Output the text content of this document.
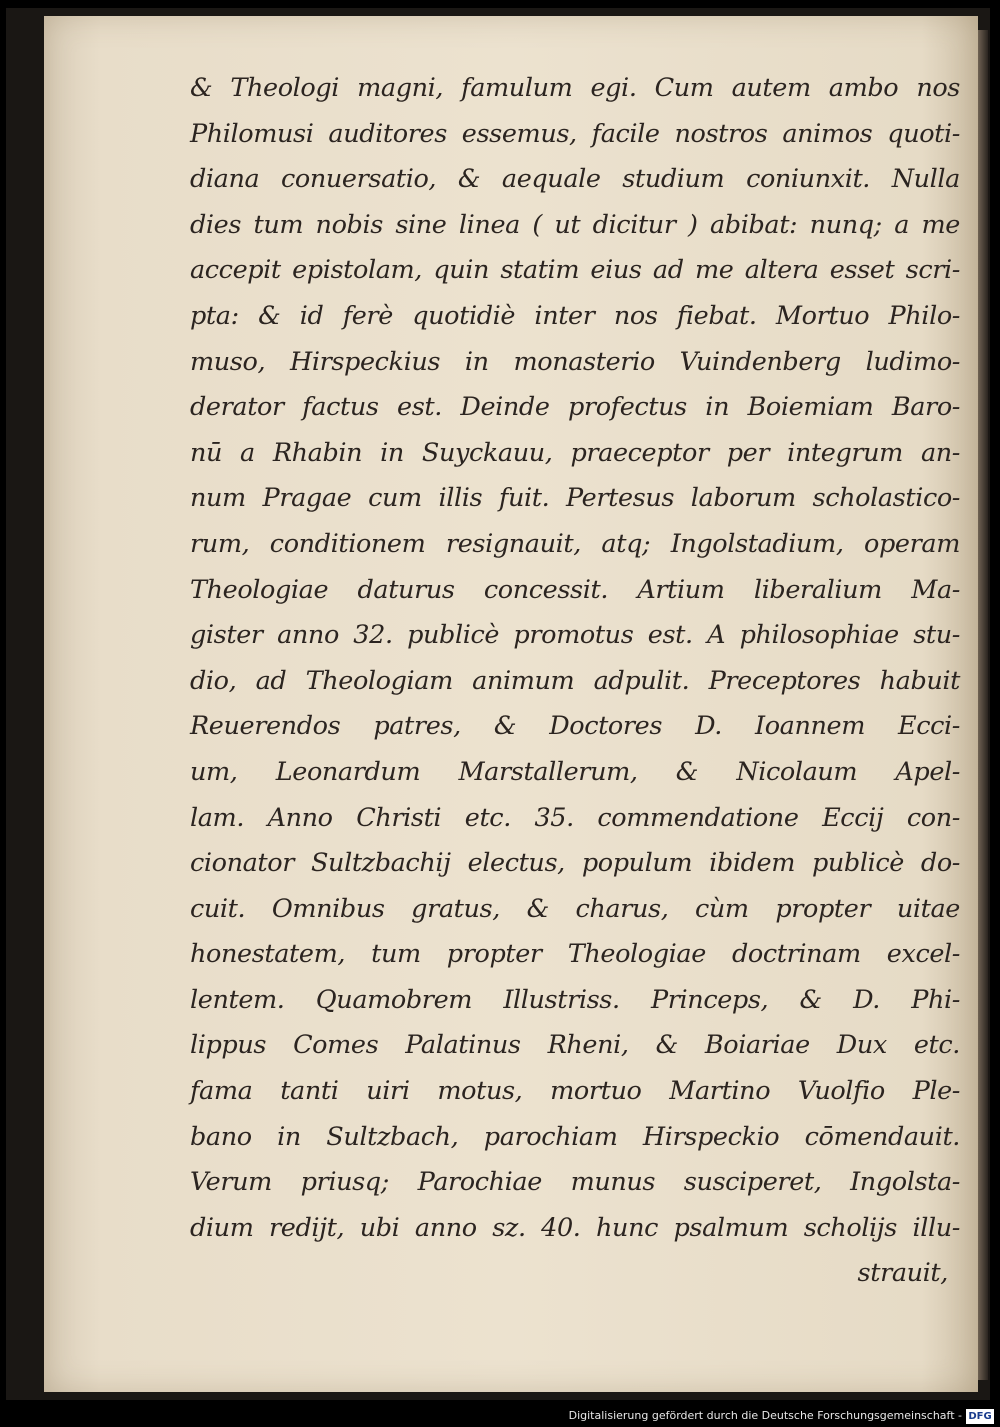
& Theologi magni, famulum egi. Cum autem ambo nos
Philomusi auditores essemus, facile nostros animos quoti-
diana conuersatio, & aequale studium coniunxit. Nulla
dies tum nobis sine linea ( ut dicitur ) abibat: nunq; a me
accepit epistolam, quin statim eius ad me altera esset scri-
pta: & id ferè quotidiè inter nos fiebat. Mortuo Philo-
muso, Hirspeckius in monasterio Vuindenberg ludimo-
derator factus est. Deinde profectus in Boiemiam Baro-
nū a Rhabin in Suyckauu, praeceptor per integrum an-
num Pragae cum illis fuit. Pertesus laborum scholastico-
rum, conditionem resignauit, atq; Ingolstadium, operam
Theologiae daturus concessit. Artium liberalium Ma-
gister anno 32. publicè promotus est. A philosophiae stu-
dio, ad Theologiam animum adpulit. Preceptores habuit
Reuerendos patres, & Doctores D. Ioannem Ecci-
um, Leonardum Marstallerum, & Nicolaum Apel-
lam. Anno Christi etc. 35. commendatione Eccij con-
cionator Sultzbachij electus, populum ibidem publicè do-
cuit. Omnibus gratus, & charus, cùm propter uitae
honestatem, tum propter Theologiae doctrinam excel-
lentem. Quamobrem Illustriss. Princeps, & D. Phi-
lippus Comes Palatinus Rheni, & Boiariae Dux etc.
fama tanti uiri motus, mortuo Martino Vuolfio Ple-
bano in Sultzbach, parochiam Hirspeckio cōmendauit.
Verum priusq; Parochiae munus susciperet, Ingolsta-
dium redijt, ubi anno sz. 40. hunc psalmum scholijs illu-
strauit,
Digitalisierung gefördert durch die Deutsche Forschungsgemeinschaft - DFG
